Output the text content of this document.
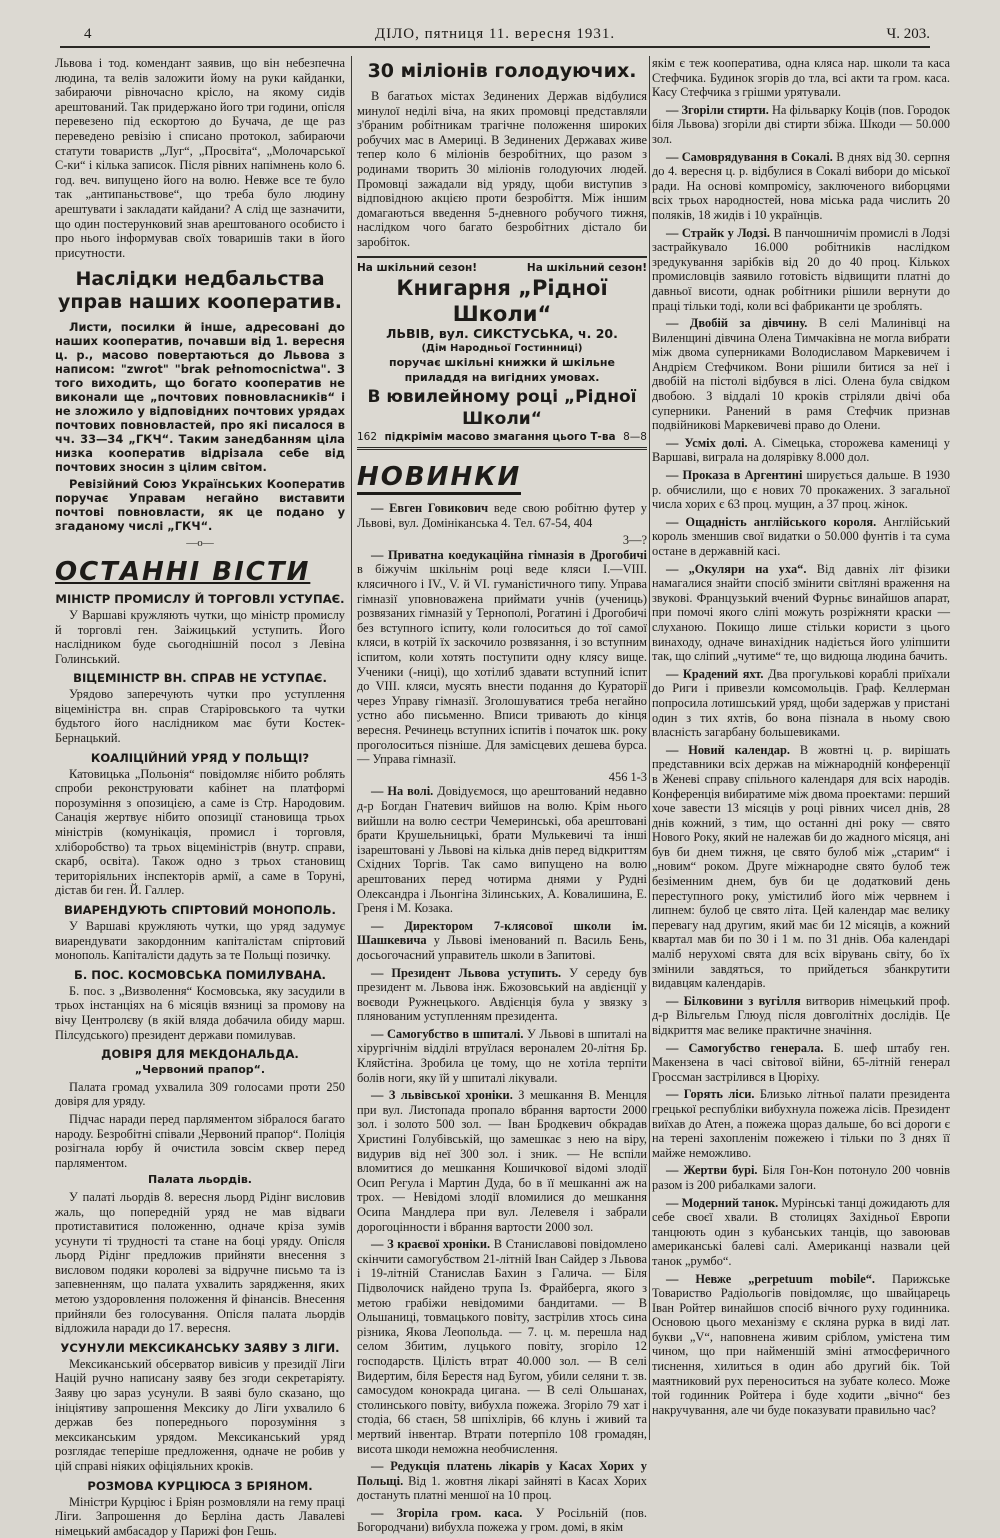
4	ДІЛО, пятниця 11. вересня 1931.	Ч. 203.

Львова і тод. комендант заявив, що він небезпечна людина, та велів заложити йому на руки кайданки, забираючи рівночасно крісло, на якому сидів арештований. Так придержано його три години, опісля перевезено під ескортою до Бучача, де ще раз переведено ревізію і списано протокол, забираючи статути товариств „Луг“, „Просвіта“, „Молочарської С-ки“ і кілька записок. Після рівних напімнень коло 6. год. веч. випущено його на волю. Невже все те було так „антипаньствове“, що треба було людину арештувати і закладати кайдани? А слід ще зазначити, що один постерунковий знав арештованого особисто і про нього інформував своїх товаришів таки в його присутности.

Наслідки недбальства управ наших кооператив.

Листи, посилки й інше, адресовані до наших кооператив, почавши від 1. вересня ц. р., масово повертаються до Львова з написом: "zwrot" "brak pełnomocnictwa". З того виходить, що богато кооператив не виконали ще „почтових повновласників“ і не зложило у відповідних почтових урядах почтових повновластей, про які писалося в чч. 33—34 „ГКЧ“. Таким занедбанням ціла низка кооператив відрізала себе від почтових зносин з цілим світом.

Ревізійний Союз Українських Кооператив поручає Управам негайно виставити почтові повновласти, як це подано у згаданому числі „ГКЧ“.

—o—
ОСТАННІ ВІСТИ
МІНІСТР ПРОМИСЛУ Й ТОРГОВЛІ УСТУПАЄ.

У Варшаві кружляють чутки, що міністр промислу й торговлі ген. Заіжицький уступить. Його наслідником буде сьогоднішній посол з Левіна Голинський.

ВІЦЕМІНІСТР ВН. СПРАВ НЕ УСТУПАЄ.

Урядово заперечують чутки про уступлення віцеміністра вн. справ Старіровського та чутки будьтого його наслідником має бути Костек-Бернацький.

КОАЛІЦІЙНИЙ УРЯД У ПОЛЬЩІ?

Катовицька „Польонія“ повідомляє нібито роблять спроби реконструювати кабінет на платформі порозуміння з опозицією, а саме із Стр. Народовим. Санація жертвує нібито опозиції становища трьох міністрів (комунікація, промисл і торговля, хліборобство) та трьох віцеміністрів (внутр. справи, скарб, освіта). Також одно з трьох становищ територіяльних інспекторів армії, а саме в Торуні, дістав би ген. Й. Галлер.

ВИАРЕНДУЮТЬ СПІРТОВИЙ МОНОПОЛЬ.

У Варшаві кружляють чутки, що уряд задумує виарендувати закордонним капіталістам спіртовий монополь. Капіталісти дадуть за те Польщі позичку.

Б. ПОС. КОСМОВСЬКА ПОМИЛУВАНА.

Б. пос. з „Визволення“ Космовська, яку засудили в трьох інстанціях на 6 місяців вязниці за промову на вічу Центролєву (в якій вляда добачила обиду марш. Пілсудського) президент держави помилував.

ДОВІРЯ ДЛЯ МЕКДОНАЛЬДА.
„Червоний прапор“.

Палата громад ухвалила 309 голосами проти 250 довіря для уряду.

Підчас наради перед парляментом зібралося багато народу. Безробітні співали „Червоний прапор“. Поліція розігнала юрбу й очистила зовсім сквер перед парляментом.

Палата льордів.

У палаті льордів 8. вересня льорд Рідінг висловив жаль, що попередній уряд не мав відваги протиставитися положенню, одначе кріза зумів усунути ті трудності та стане на боці уряду. Опісля льорд Рідінг предложив прийняти внесення з висловом подяки королеві за відручне письмо та із запевненням, що палата ухвалить зарядження, яких метою уздоровлення положення й фінансів. Внесення прийняли без голосування. Опісля палата льордів відложила наради до 17. вересня.

УСУНУЛИ МЕКСИКАНСЬКУ ЗАЯВУ З ЛІГИ.

Мексиканський обсерватор вивісив у президії Ліги Націй ручно написану заяву без згоди секретаріяту. Заяву цю зараз усунули. В заяві було сказано, що ініціятиву запрошення Мексику до Ліги ухвалило 6 держав без попереднього порозуміння з мексиканським урядом. Мексиканський уряд розглядає теперіше предложення, одначе не робив у цій справі ніяких офіціяльних кроків.

РОЗМОВА КУРЦІЮСА З БРІЯНОМ.

Міністри Курціюс і Бріян розмовляли на гему праці Ліги. Запрошення до Берліна дасть Лавалеві німецький амбасадор у Парижі фон Гешь.

30 міліонів голодуючих.

В багатьох містах Зединених Держав відбулися минулої неділі віча, на яких промовці представляли з'браним робітникам трагічне положення широких робучих мас в Америці. В Зединених Державах живе тепер коло 6 міліонів безробітних, що разом з родинами творить 30 міліонів голодуючих людей. Промовці зажадали від уряду, щоби виступив з відповідною акцією проти безробіття. Між іншим домагаються введення 5-дневного робучого тижня, наслідком чого багато безробітних дістало би заробіток.

На шкільний сезон!	На шкільний сезон!
Книгарня „Рідної Школи“
ЛЬВІВ, вул. СИКСТУСЬКА, ч. 20.
(Дім Народньої Гостинниці)
поручає шкільні книжки й шкільне приладдя на вигідних умовах.
В ювилейному році „Рідної Школи“
162 підкрімім масово змагання цього Т-ва 8—8
НОВИНКИ

— Евген Говикович веде свою робітню футер у Львові, вул. Домініканська 4. Тел. 67-54, 404

3—?

— Приватна коедукаційна гімназія в Дрогобичі в біжучім шкільнім році веде кляси I.—VIII. клясичного і IV., V. й VI. гуманістичного типу. Управа гімназії уповноважена приймати учнів (учениць) розвязаних гімназій у Тернополі, Рогатині і Дрогобичі без вступного іспиту, коли голоситься до тої самої кляси, в котрій їх заскочило розвязання, і зо вступним іспитом, коли хотять поступити одну клясу вище. Ученики (-ниці), що хотілиб здавати вступний іспит до VIII. кляси, мусять внести подання до Кураторії через Управу гімназії. Зголошуватися треба негайно устно або письменно. Вписи тривають до кінця вересня. Речинець вступних іспитів і початок шк. року проголоситься пізніше. Для замісцевих дешева бурса. — Управа гімназії.

456 1-3

— На волі. Довідуємося, що арештований недавно д-р Богдан Гнатевич вийшов на волю. Крім нього вийшли на волю сестри Чемеринські, оба арештовані брати Крушельницькі, брати Мулькевичі та інші ізарештовані у Львові на кілька днів перед відкриттям Східних Торгів. Так само випущено на волю арештованих перед чотирма днями у Рудні Олександра і Льонгіна Зілинських, А. Ковалишина, Е. Греня і М. Козака.

— Директором 7-клясової школи ім. Шашкевича у Львові іменований п. Василь Бень, досьогочасний управитель школи в Запитові.

— Президент Львова уступить. У середу був президент м. Львова інж. Бжозовський на авдієнції у воєводи Ружнецького. Авдієнція була у звязку з плянованим уступленням президента.

— Самогубство в шпиталі. У Львові в шпиталі на хірургічнім відділі втруїлася вероналем 20-літня Бр. Кляйстіна. Зробила це тому, що не хотіла терпіти болів ноги, яку їй у шпиталі лікували.

— З львівської хроніки. З мешкання В. Менцля при вул. Листопада пропало вбрання вартости 2000 зол. і золото 500 зол. — Іван Бродкевич обкрадав Христині Голубівській, що замешкає з нею на віру, видурив від неї 300 зол. і зник. — Не вспіли вломитися до мешкання Кошичкової відомі злодії Осип Регула і Мартин Дуда, бо в її мешканні аж на трох. — Невідомі злодії вломилися до мешкання Осипа Мандлера при вул. Лелевеля і забрали дорогоцінности і вбрання вартости 2000 зол.

— З краєвої хроніки. В Станиславові повідомлено скінчити самогубством 21-літній Іван Сайдер з Львова і 19-літній Станислав Бахин з Галича. — Біля Підволочиск найдено трупа Із. Фрайберга, якого з метою грабіжи невідомими бандитами. — В Ольшаниці, товмацького повіту, застрілив хтось сина різника, Якова Леопольда. — 7. ц. м. перешла над селом Збитим, луцького повіту, згоріло 12 господарств. Цілість втрат 40.000 зол. — В селі Видертим, біля Берестя над Бугом, убили селяни т. зв. самосудом конокрада цигана. — В селі Ольшанах, столинського повіту, вибухла пожежа. Згоріло 79 хат і стодіа, 66 стаєн, 58 шпіхлірів, 66 клунь і живий та мертвий інвентар. Втрати потерпіло 108 громадян, висота шкоди неможна необчислення.

— Редукція платень лікарів у Касах Хорих у Польщі. Від 1. жовтня лікарі зайняті в Касах Хорих достануть платні меншої на 10 проц.

— Згоріла гром. каса. У Росільній (пов. Богородчани) вибухла пожежа у гром. домі, в якім

якім є теж кооператива, одна кляса нар. школи та каса Стефчика. Будинок згорів до тла, всі акти та гром. каса. Касу Стефчика з грішми урятували.

— Згоріли стирти. На фільварку Коців (пов. Городок біля Львова) згоріли дві стирти збіжа. Шкоди — 50.000 зол.

— Самоврядування в Сокалі. В днях від 30. серпня до 4. вересня ц. р. відбулися в Сокалі вибори до міської ради. На основі компромісу, заключеного виборцями всіх трьох народностей, нова міська рада числить 20 поляків, 18 жидів і 10 українців.

— Страйк у Лодзі. В панчошничім промислі в Лодзі застрайкувало 16.000 робітників наслідком зредукування зарібків від 20 до 40 проц. Кількох промисловців заявило готовість відвищити платні до давньої висоти, однак робітники рішили вернути до праці тільки тоді, коли всі фабриканти це зроблять.

— Двобій за дівчину. В селі Малинівці на Виленщині дівчина Олена Тимчаківна не могла вибрати між двома суперниками Володиславом Маркевичем і Андрієм Стефчиком. Вони рішили битися за неї і двобій на пістолі відбувся в лісі. Олена була свідком двобою. З віддалі 10 кроків стріляли двічі оба суперники. Ранений в рамя Стефчик признав подвійникові Маркевичеві право до Олени.

— Усміх долі. А. Сімецька, сторожева камениці у Варшаві, виграла на долярівку 8.000 дол.

— Проказа в Аргентині ширується дальше. В 1930 р. обчислили, що є нових 70 прокажених. З загальної числа хорих є 63 проц. мущин, а 37 проц. жінок.

— Ощадність англійського короля. Англійський король зменшив свої видатки о 50.000 фунтів і та сума остане в державній касі.

— „Окуляри на уха“. Від давніх літ фізики намагалися знайти спосіб змінити світляні враження на звукові. Французький вчений Фурньє винайшов апарат, при помочі якого сліпі можуть розріжняти краски — слуханою. Покищо лише стільки користи з цього винаходу, одначе винахідник надіється його уліпшити так, що сліпий „чутиме“ те, що видюща людина бачить.

— Крадений яхт. Два прогулькові кораблі приїхали до Риги і привезли комсомольців. Граф. Келлерман попросила лотишський уряд, щоби задержав у пристані один з тих яхтів, бо вона пізнала в ньому свою власність загарбану большевиками.

— Новий календар. В жовтні ц. р. вирішать представники всіх держав на міжнародній конференції в Женеві справу спільного календаря для всіх народів. Конференція вибиратиме між двома проектами: перший хоче завести 13 місяців у році рівних чисел днів, 28 днів кожний, з тим, що останні дні року — свято Нового Року, який не належав би до жадного місяця, ані був би днем тижня, це свято булоб між „старим“ і „новим“ роком. Друге міжнародне свято булоб теж безіменним днем, був би це додатковий день переступного року, умістилиб його між червнем і липнем: булоб це свято літа. Цей календар має велику перевагу над другим, який має би 12 місяців, а кожний квартал мав би по 30 і 1 м. по 31 днів. Оба календарі маліб нерухомі свята для всіх вірувань світу, бо їх змінили завдяться, то прийдеться збанкрутити видавцям календарів.

— Білковини з вугілля витворив німецький проф. д-р Вільгельм Глюуд після довголітніх дослідів. Це відкриття має велике практичне значіння.

— Самогубство генерала. Б. шеф штабу ген. Макензена в часі світової війни, 65-літній генерал Гроссман застрілився в Цюріху.

— Горять ліси. Близько літньої палати президента грецької республіки вибухнула пожежа лісів. Президент виїхав до Атен, а пожежа щораз дальше, бо всі дороги є на терені захопленім пожежею і тільки по 3 днях її майже неможливо.

— Жертви бурі. Біля Гон-Кон потонуло 200 човнів разом із 200 рибалками залоги.

— Модерний танок. Мурінські танці дожидають для себе своєї хвали. В столицях Західньої Европи танцюють один з кубанських танців, що завоював американські балеві салі. Американці назвали цей танок „румбо“.

— Невже „perpetuum mobile“. Парижське Товариство Радіольогів повідомляє, що швайцарець Іван Ройтер винайшов спосіб вічного руху годинника. Основою цього механізму є скляна рурка в виді лат. букви „V“, наповнена живим сріблом, умістена тим чином, що при найменшій зміні атмосферичного тиснення, хилиться в один або другий бік. Той маятниковий рух переноситься на зубате колесо. Може той годинник Ройтера і буде ходити „вічно“ без накручування, але чи буде показувати правильно час?
